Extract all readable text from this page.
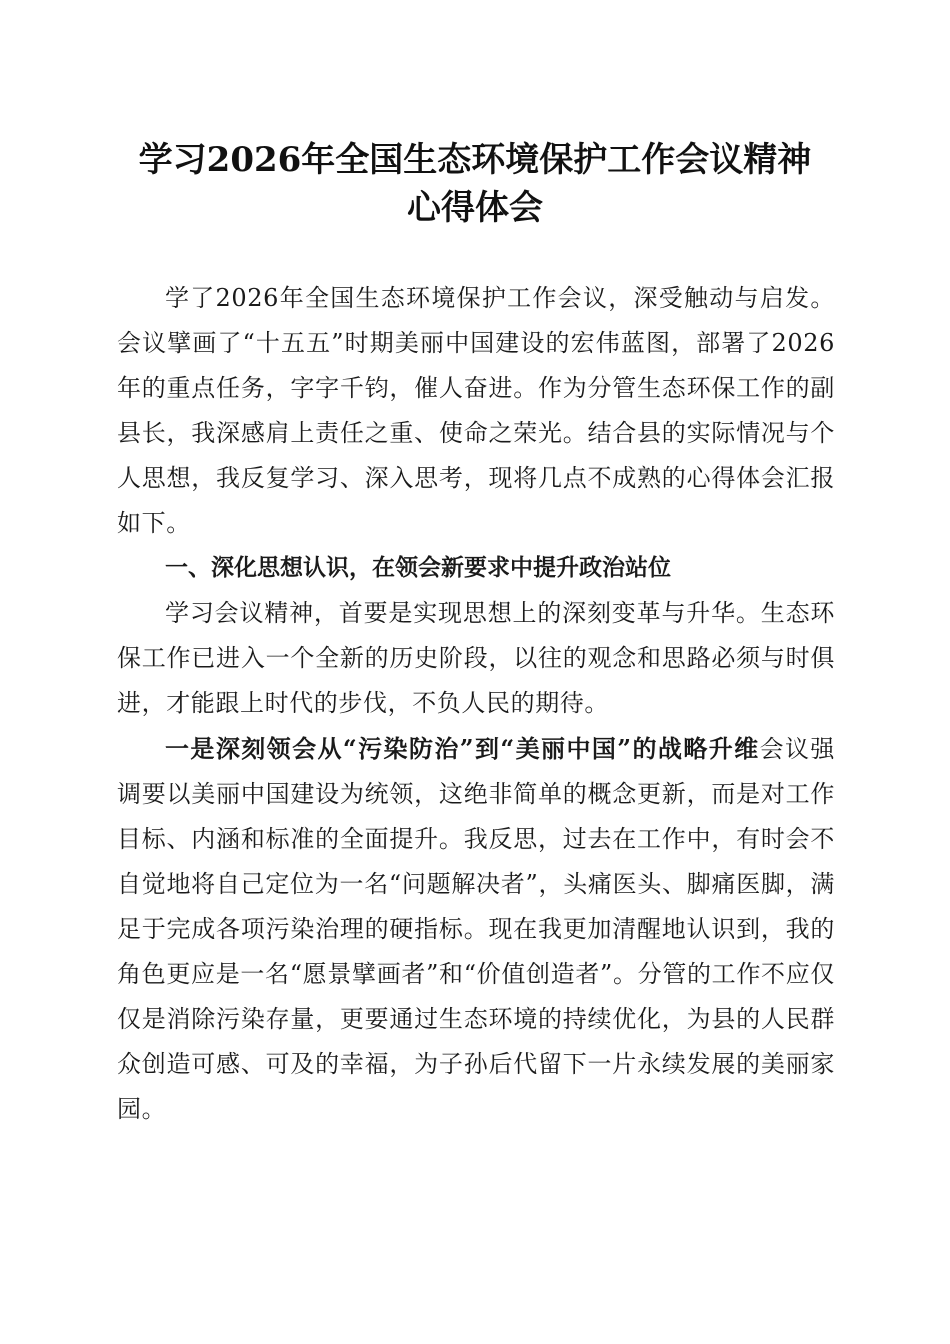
学习2026年全国生态环境保护工作会议精神
心得体会

学了2026年全国生态环境保护工作会议，深受触动与启发。会议擘画了“十五五”时期美丽中国建设的宏伟蓝图，部署了2026年的重点任务，字字千钧，催人奋进。作为分管生态环保工作的副县长，我深感肩上责任之重、使命之荣光。结合县的实际情况与个人思想，我反复学习、深入思考，现将几点不成熟的心得体会汇报如下。

一、深化思想认识，在领会新要求中提升政治站位

学习会议精神，首要是实现思想上的深刻变革与升华。生态环保工作已进入一个全新的历史阶段，以往的观念和思路必须与时俱进，才能跟上时代的步伐，不负人民的期待。

一是深刻领会从“污染防治”到“美丽中国”的战略升维会议强调要以美丽中国建设为统领，这绝非简单的概念更新，而是对工作目标、内涵和标准的全面提升。我反思，过去在工作中，有时会不自觉地将自己定位为一名“问题解决者”，头痛医头、脚痛医脚，满足于完成各项污染治理的硬指标。现在我更加清醒地认识到，我的角色更应是一名“愿景擘画者”和“价值创造者”。分管的工作不应仅仅是消除污染存量，更要通过生态环境的持续优化，为县的人民群众创造可感、可及的幸福，为子孙后代留下一片永续发展的美丽家园。
